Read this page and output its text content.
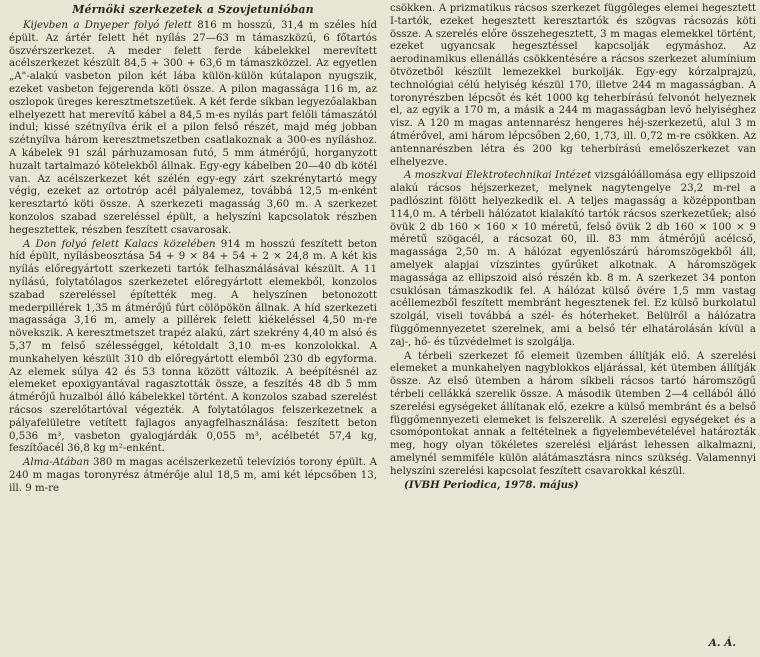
Mérnöki szerkezetek a Szovjetunióban

Kijevben a Dnyeper folyó felett 816 m hosszú, 31,4 m széles híd épült. Az ártér felett hét nyílás 27—63 m támaszközű, 6 főtartós öszvérszerkezet. A meder felett ferde kábelekkel merevített acélszerkezet készült 84,5 + 300 + 63,6 m támaszközzel. Az egyetlen „A"-alakú vasbeton pilon két lába külön-külön kútalapon nyugszik, ezeket vasbeton fejgerenda köti össze. A pilon magassága 116 m, az oszlopok üreges keresztmetszetűek. A két ferde síkban legyezőalakban elhelyezett hat merevítő kábel a 84,5 m-es nyílás part felőli támaszától indul; kissé szétnyílva érik el a pilon felső részét, majd még jobban szétnyílva három keresztmetszetben csatlakoznak a 300-es nyíláshoz. A kábelek 91 szál párhuzamosan futó, 5 mm átmérőjű, horganyzott huzalt tartalmazó kötelekből állnak. Egy-egy kábelben 20—40 db kötél van. Az acélszerkezet két szélén egy-egy zárt szekrénytartó megy végig, ezeket az ortotróp acél pályalemez, továbbá 12,5 m-enként keresztartó köti össze. A szerkezeti magasság 3,60 m. A szerkezet konzolos szabad szereléssel épült, a helyszíni kapcsolatok részben hegesztettek, részben feszített csavarosak.

A Don folyó felett Kalacs közelében 914 m hosszú feszített beton híd épült, nyílásbeosztása 54 + 9 × 84 + 54 + 2 × 24,8 m. A két kis nyílás előregyártott szerkezeti tartók felhasználásával készült. A 11 nyílású, folytatólagos szerkezetet előregyártott elemekből, konzolos szabad szereléssel építették meg. A helyszínen betonozott mederpillérek 1,35 m átmérőjű fúrt cölöpökön állnak. A híd szerkezeti magassága 3,16 m, amely a pillérek felett kiékeléssel 4,50 m-re növekszik. A keresztmetszet trapéz alakú, zárt szekrény 4,40 m alsó és 5,37 m felső szélességgel, kétoldalt 3,10 m-es konzolokkal. A munkahelyen készült 310 db előregyártott elemből 230 db egyforma. Az elemek súlya 42 és 53 tonna között változik. A beépítésnél az elemeket epoxigyantával ragasztották össze, a feszítés 48 db 5 mm átmérőjű huzalból álló kábelekkel történt. A konzolos szabad szerelést rácsos szerelőtartóval végezték. A folytatólagos felszerkezetnek a pályafelületre vetített fajlagos anyagfelhasználása: feszített beton 0,536 m³, vasbeton gyalogjárdák 0,055 m³, acélbetét 57,4 kg, feszítőacél 36,8 kg m²-enként.

Alma-Atában 380 m magas acélszerkezetű televíziós torony épült. A 240 m magas toronyrész átmérője alul 18,5 m, ami két lépcsőben 13, ill. 9 m-re

csökken. A prizmatikus rácsos szerkezet függőleges elemei hegesztett I-tartók, ezeket hegesztett keresztartók és szögvas rácsozás köti össze. A szerelés előre összehegesztett, 3 m magas elemekkel történt, ezeket ugyancsak hegesztéssel kapcsolják egymáshoz. Az aerodinamikus ellenállás csökkentésére a rácsos szerkezet alumínium ötvözetből készült lemezekkel burkolják. Egy-egy kórzalprajzú, technológiai célú helyiség készül 170, illetve 244 m magasságban. A toronyrészben lépcsőt és két 1000 kg teherbírású felvonót helyeznek el, az egyik a 170 m, a másik a 244 m magasságban levő helyiséghez visz. A 120 m magas antennarész hengeres héj-szerkezetű, alul 3 m átmérővel, ami három lépcsőben 2,60, 1,73, ill. 0,72 m-re csökken. Az antennarészben létra és 200 kg teherbírású emelőszerkezet van elhelyezve.

A moszkvai Elektrotechnikai Intézet vizsgálóállomása egy ellipszoid alakú rácsos héjszerkezet, melynek nagytengelye 23,2 m-rel a padlószint fölött helyezkedik el. A teljes magasság a középpontban 114,0 m. A térbeli hálózatot kialakító tartók rácsos szerkezetűek; alsó övük 2 db 160 × 160 × 10 méretű, felső övük 2 db 160 × 100 × 9 méretű szögacél, a rácsozat 60, ill. 83 mm átmérőjű acélcső, magassága 2,50 m. A hálózat egyenlőszárú háromszögekből áll, amelyek alapjai vízszintes gyűrűket alkotnak. A háromszögek magassága az ellipszoid alsó részén kb. 8 m. A szerkezet 34 ponton csuklósan támaszkodik fel. A hálózat külső övére 1,5 mm vastag acéllemezből feszített membránt hegesztenek fel. Ez külső burkolatul szolgál, viseli továbbá a szél- és hóterheket. Belülről a hálózatra függőmennyezetet szerelnek, ami a belső tér elhatárolásán kívül a zaj-, hő- és tűzvédelmet is szolgálja.

A térbeli szerkezet fő elemeit üzemben állítják elő. A szerelési elemeket a munkahelyen nagyblokkos eljárással, két ütemben állítják össze. Az első ütemben a három síkbeli rácsos tartó háromszögű térbeli cellákká szerelik össze. A második ütemben 2—4 cellából álló szerelési egységeket állítanak elő, ezekre a külső membránt és a belső függőmennyezeti elemeket is felszerelik. A szerelési egységeket és a csomópontokat annak a feltételnek a figyelembevételével határozták meg, hogy olyan tökéletes szerelési eljárást lehessen alkalmazni, amelynél semmiféle külön alátámasztásra nincs szükség. Valamennyi helyszíni szerelési kapcsolat feszített csavarokkal készül.

(IVBH Periodica, 1978. május)

A. Á.
